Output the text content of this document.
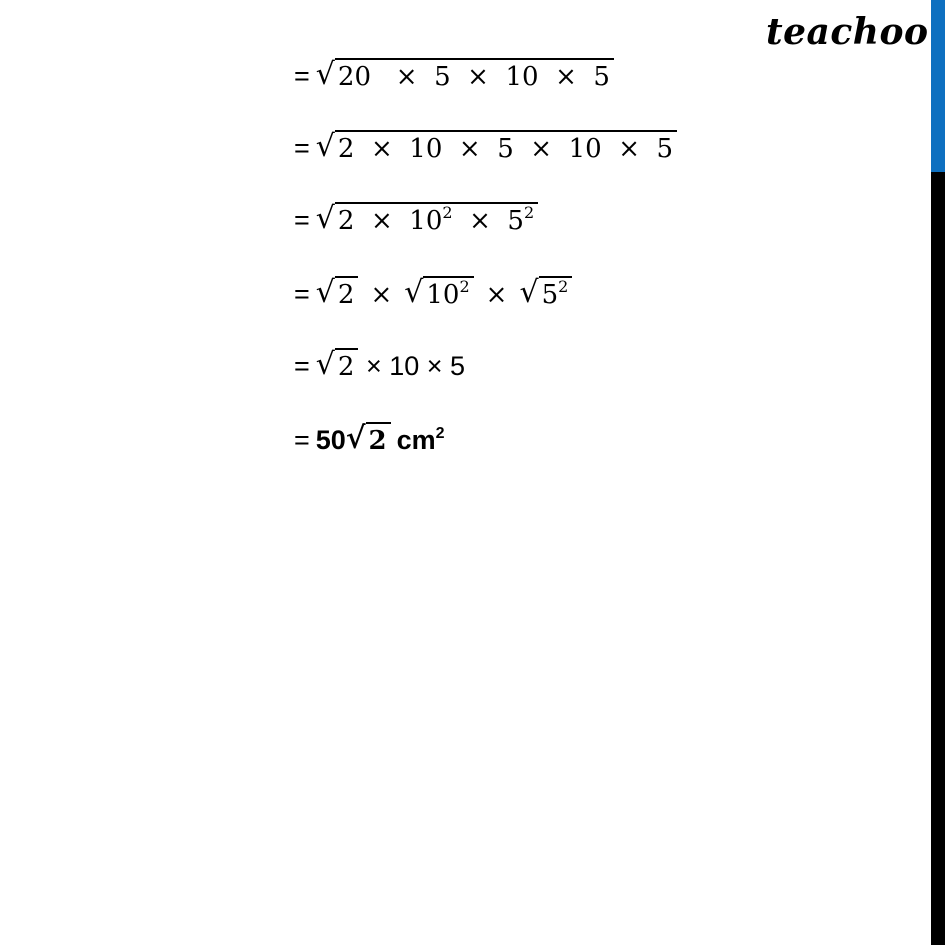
teachoo
= √ 20   ×  5  ×  10  ×  5
= √ 2  ×  10  ×  5  ×  10  ×  5
= √ $2 \times 10^2 \times 5^2$
= √ 2 × √ $10^2$ × √ $5^2$
= √ 2 × 10 × 5
= 50 √ 2 $cm^2$
